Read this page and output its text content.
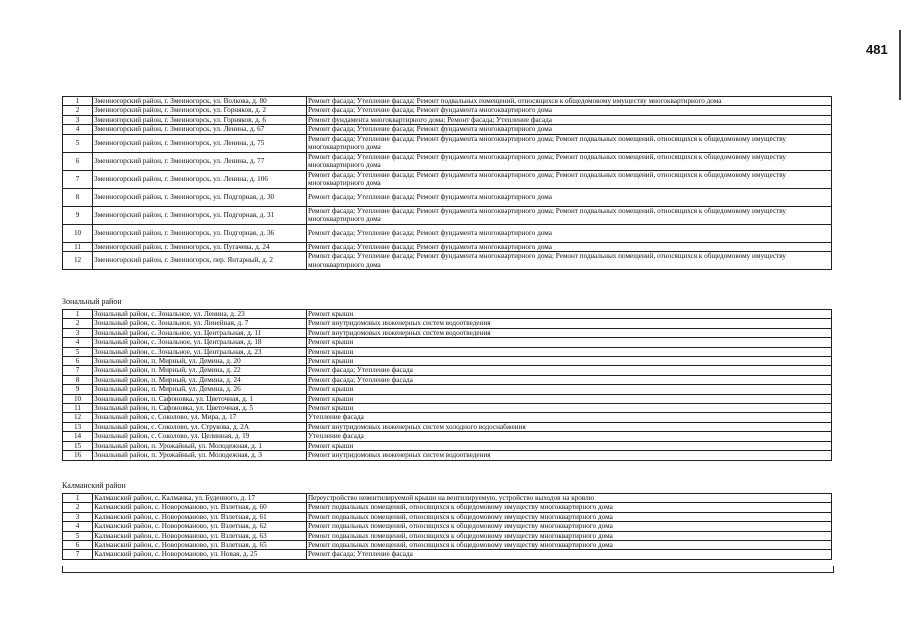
481
1	Змеиногорский район, г. Змеиногорск, ул. Волкова, д. 80	Ремонт фасада; Утепление фасада; Ремонт подвальных помещений, относящихся к общедомовому имуществу многоквартирного дома
2	Змеиногорский район, г. Змеиногорск, ул. Горняков, д. 2	Ремонт фасада; Утепление фасада; Ремонт фундамента многоквартирного дома
3	Змеиногорский район, г. Змеиногорск, ул. Горняков, д. 6	Ремонт фундамента многоквартирного дома; Ремонт фасада; Утепление фасада
4	Змеиногорский район, г. Змеиногорск, ул. Ленина, д. 67	Ремонт фасада; Утепление фасада; Ремонт фундамента многоквартирного дома
5	Змеиногорский район, г. Змеиногорск, ул. Ленина, д. 75	Ремонт фасада; Утепление фасада; Ремонт фундамента многоквартирного дома; Ремонт подвальных помещений, относящихся к общедомовому имуществу многоквартирного дома
6	Змеиногорский район, г. Змеиногорск, ул. Ленина, д. 77	Ремонт фасада; Утепление фасада; Ремонт фундамента многоквартирного дома; Ремонт подвальных помещений, относящихся к общедомовому имуществу многоквартирного дома
7	Змеиногорский район, г. Змеиногорск, ул. Ленина, д. 106	Ремонт фасада; Утепление фасада; Ремонт фундамента многоквартирного дома; Ремонт подвальных помещений, относящихся к общедомовому имуществу многоквартирного дома
8	Змеиногорский район, г. Змеиногорск, ул. Подгорная, д. 30	Ремонт фасада; Утепление фасада; Ремонт фундамента многоквартирного дома
9	Змеиногорский район, г. Змеиногорск, ул. Подгорная, д. 31	Ремонт фасада; Утепление фасада; Ремонт фундамента многоквартирного дома; Ремонт подвальных помещений, относящихся к общедомовому имуществу многоквартирного дома
10	Змеиногорский район, г. Змеиногорск, ул. Подгорная, д. 36	Ремонт фасада; Утепление фасада; Ремонт фундамента многоквартирного дома
11	Змеиногорский район, г. Змеиногорск, ул. Пугачева, д. 24	Ремонт фасада; Утепление фасада; Ремонт фундамента многоквартирного дома
12	Змеиногорский район, г. Змеиногорск, пер. Янтарный, д. 2	Ремонт фасада; Утепление фасада; Ремонт фундамента многоквартирного дома; Ремонт подвальных помещений, относящихся к общедомовому имуществу многоквартирного дома
Зональный район
1	Зональный район, с. Зональное, ул. Ленина, д. 23	Ремонт крыши
2	Зональный район, с. Зональное, ул. Линейная, д. 7	Ремонт внутридомовых инженерных систем водоотведения
3	Зональный район, с. Зональное, ул. Центральная, д. 11	Ремонт внутридомовых инженерных систем водоотведения
4	Зональный район, с. Зональное, ул. Центральная, д. 18	Ремонт крыши
5	Зональный район, с. Зональное, ул. Центральная, д. 23	Ремонт крыши
6	Зональный район, п. Мирный, ул. Демина, д. 20	Ремонт крыши
7	Зональный район, п. Мирный, ул. Демина, д. 22	Ремонт фасада; Утепление фасада
8	Зональный район, п. Мирный, ул. Демина, д. 24	Ремонт фасада; Утепление фасада
9	Зональный район, п. Мирный, ул. Демина, д. 26	Ремонт крыши
10	Зональный район, п. Сафоновка, ул. Цветочная, д. 1	Ремонт крыши
11	Зональный район, п. Сафоновка, ул. Цветочная, д. 5	Ремонт крыши
12	Зональный район, с. Соколово, ул. Мира, д. 17	Утепление фасада
13	Зональный район, с. Соколово, ул. Струкова, д. 2А	Ремонт внутридомовых инженерных систем холодного водоснабжения
14	Зональный район, с. Соколово, ул. Целинная, д. 19	Утепление фасада
15	Зональный район, п. Урожайный, ул. Молодежная, д. 1	Ремонт крыши
16	Зональный район, п. Урожайный, ул. Молодежная, д. 3	Ремонт внутридомовых инженерных систем водоотведения
Калманский район
1	Калманский район, с. Калманка, ул. Буденного, д. 17	Переустройство невентилируемой крыши на вентилируемую, устройство выходов на кровлю
2	Калманский район, с. Новоромановo, ул. Взлетная, д. 60	Ремонт подвальных помещений, относящихся к общедомовому имуществу многоквартирного дома
3	Калманский район, с. Новоромановo, ул. Взлетная, д. 61	Ремонт подвальных помещений, относящихся к общедомовому имуществу многоквартирного дома
4	Калманский район, с. Новоромановo, ул. Взлетная, д. 62	Ремонт подвальных помещений, относящихся к общедомовому имуществу многоквартирного дома
5	Калманский район, с. Новоромановo, ул. Взлетная, д. 63	Ремонт подвальных помещений, относящихся к общедомовому имуществу многоквартирного дома
6	Калманский район, с. Новоромановo, ул. Взлетная, д. 65	Ремонт подвальных помещений, относящихся к общедомовому имуществу многоквартирного дома
7	Калманский район, с. Новоромановo, ул. Новая, д. 25	Ремонт фасада; Утепление фасада
